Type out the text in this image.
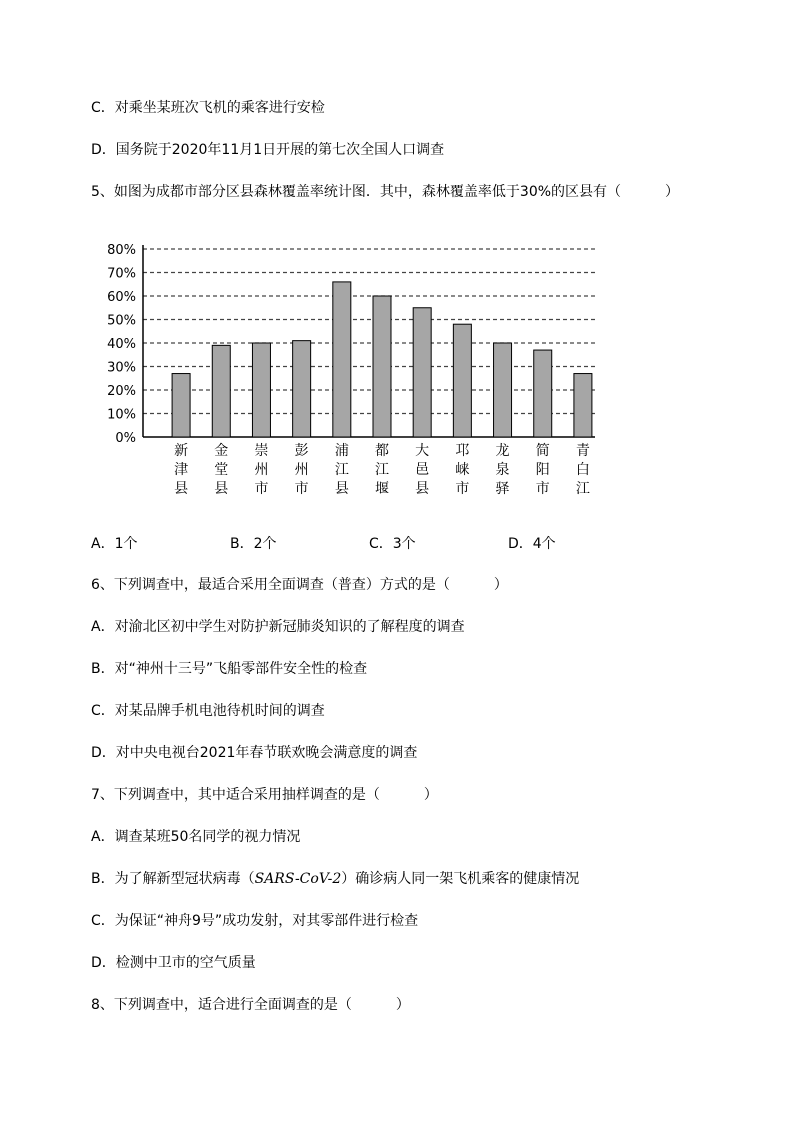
C．对乘坐某班次飞机的乘客进行安检
D．国务院于2020年11月1日开展的第七次全国人口调查
5、如图为成都市部分区县森林覆盖率统计图．其中，森林覆盖率低于30%的区县有（	）
0%
10%
20%
30%
40%
50%
60%
70%
80%
新津县
金堂县
崇州市
彭州市
浦江县
都江堰
大邑县
邛崃市
龙泉驿
简阳市
青白江
A．1个	B．2个	C．3个	D．4个
6、下列调查中，最适合采用全面调查（普查）方式的是（	）
A．对渝北区初中学生对防护新冠肺炎知识的了解程度的调查
B．对“神州十三号”飞船零部件安全性的检查
C．对某品牌手机电池待机时间的调查
D．对中央电视台2021年春节联欢晚会满意度的调查
7、下列调查中，其中适合采用抽样调查的是（	）
A．调查某班50名同学的视力情况
B．为了解新型冠状病毒（SARS-CoV-2）确诊病人同一架飞机乘客的健康情况
C．为保证“神舟9号”成功发射，对其零部件进行检查
D．检测中卫市的空气质量
8、下列调查中，适合进行全面调查的是（	）
